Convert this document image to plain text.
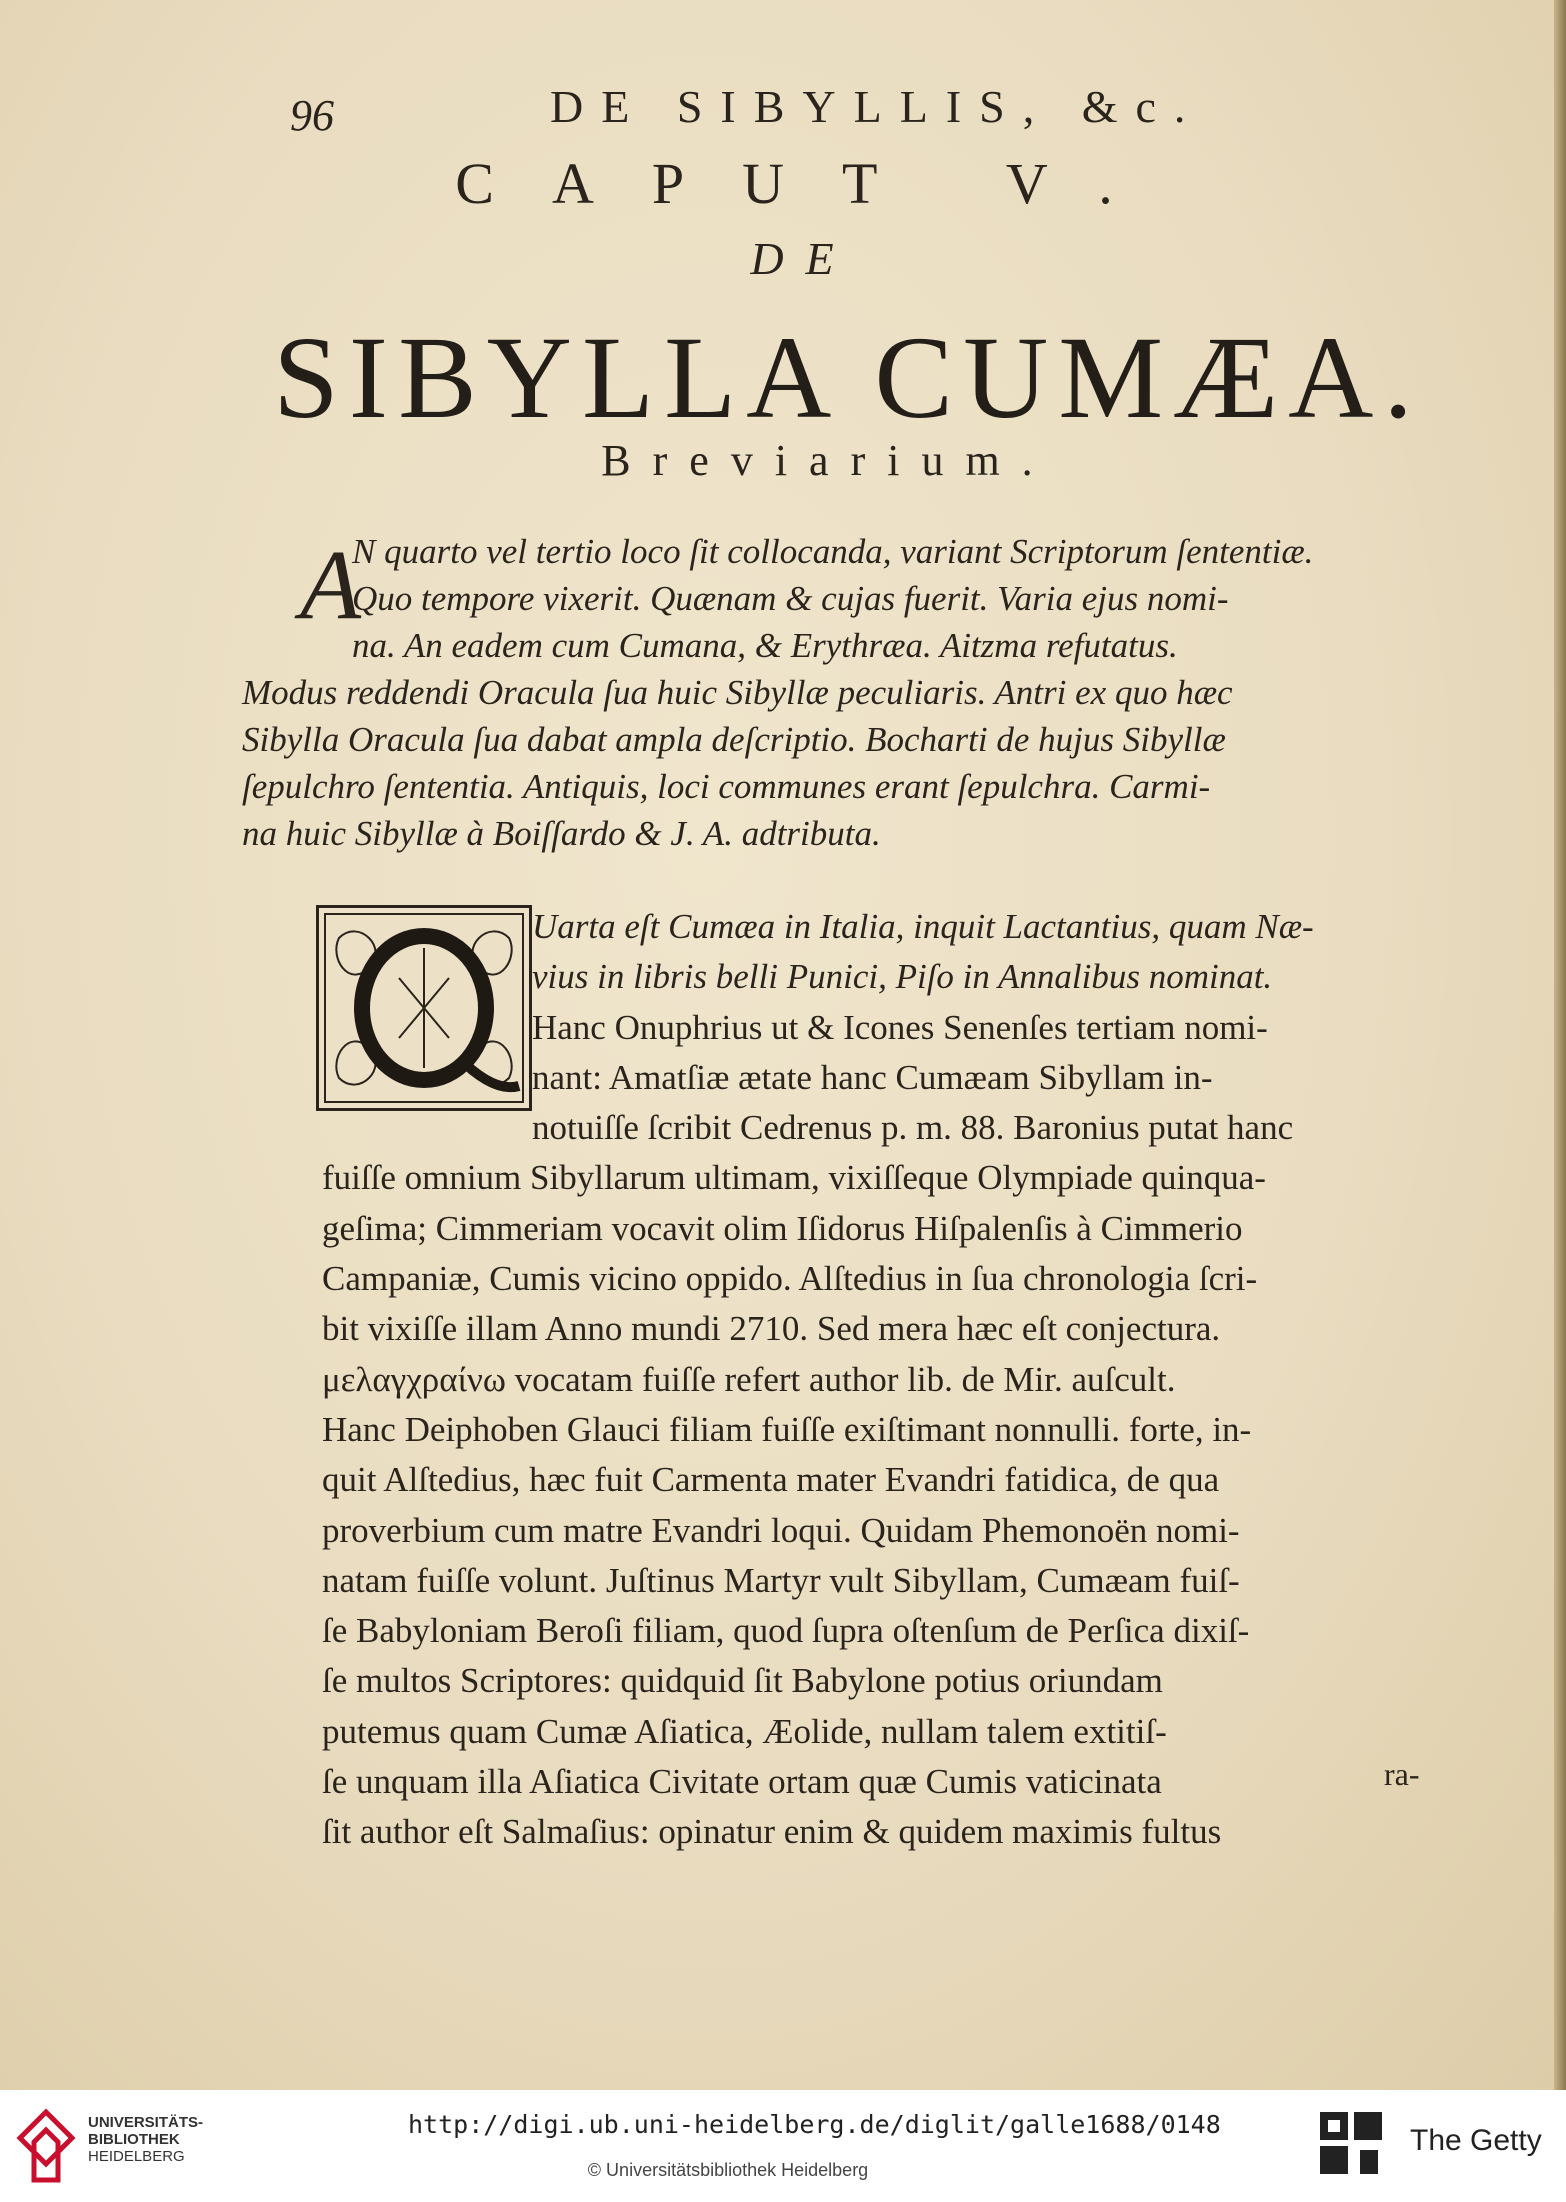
96	DE SIBYLLIS, &c.
CAPUT V.
DE
SIBYLLA CUMÆA.
Breviarium.
A
N quarto vel tertio loco ſit collocanda, variant Scriptorum ſententiæ.
Quo tempore vixerit. Quænam & cujas fuerit. Varia ejus nomi-
na. An eadem cum Cumana, & Erythræa. Aitzma refutatus.
Modus reddendi Oracula ſua huic Sibyllæ peculiaris. Antri ex quo hæc
Sibylla Oracula ſua dabat ampla deſcriptio. Bocharti de hujus Sibyllæ
ſepulchro ſententia. Antiquis, loci communes erant ſepulchra. Carmi-
na huic Sibyllæ à Boiſſardo & J. A. adtributa.
Uarta eſt Cumæa in Italia, inquit Lactantius, quam Næ-
vius in libris belli Punici, Piſo in Annalibus nominat.
Hanc Onuphrius ut & Icones Senenſes tertiam nomi-
nant: Amatſiæ ætate hanc Cumæam Sibyllam in-
notuiſſe ſcribit Cedrenus p. m. 88. Baronius putat hanc
fuiſſe omnium Sibyllarum ultimam, vixiſſeque Olympiade quinqua-
geſima; Cimmeriam vocavit olim Iſidorus Hiſpalenſis à Cimmerio
Campaniæ, Cumis vicino oppido. Alſtedius in ſua chronologia ſcri-
bit vixiſſe illam Anno mundi 2710. Sed mera hæc eſt conjectura.
μελαγχραίνω vocatam fuiſſe refert author lib. de Mir. auſcult.
Hanc Deiphoben Glauci filiam fuiſſe exiſtimant nonnulli. forte, in-
quit Alſtedius, hæc fuit Carmenta mater Evandri fatidica, de qua
proverbium cum matre Evandri loqui. Quidam Phemonoën nomi-
natam fuiſſe volunt. Juſtinus Martyr vult Sibyllam, Cumæam fuiſ-
ſe Babyloniam Beroſi filiam, quod ſupra oſtenſum de Perſica dixiſ-
ſe multos Scriptores: quidquid ſit Babylone potius oriundam
putemus quam Cumæ Aſiatica, Æolide, nullam talem extitiſ-
ſe unquam illa Aſiatica Civitate ortam quæ Cumis vaticinata
ſit author eſt Salmaſius: opinatur enim & quidem maximis fultus
ra-
UNIVERSITÄTS-
BIBLIOTHEK
HEIDELBERG
http://digi.ub.uni-heidelberg.de/diglit/galle1688/0148
© Universitätsbibliothek Heidelberg
The Getty
